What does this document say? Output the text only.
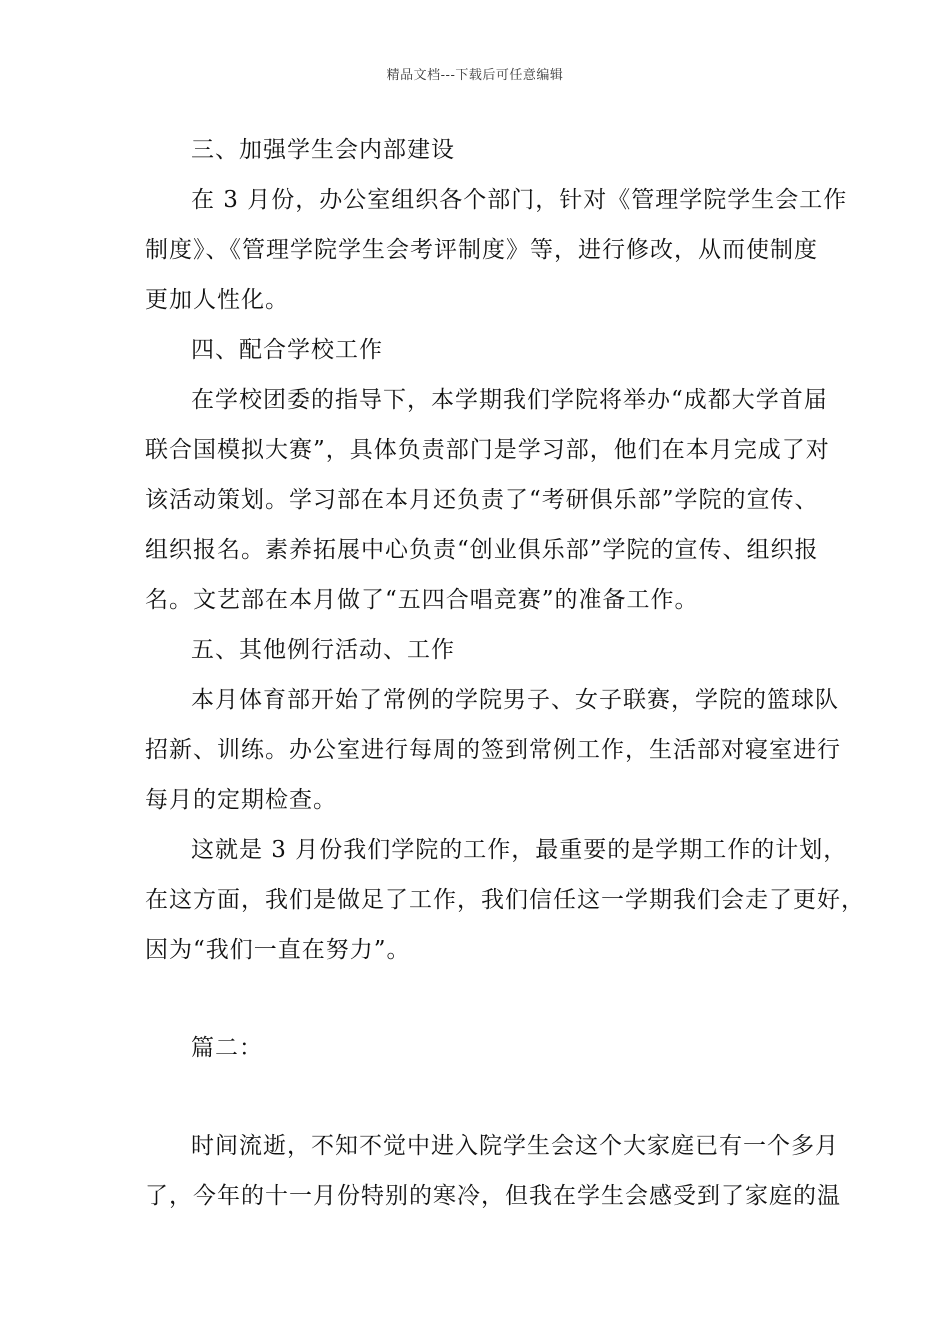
精品文档---下载后可任意编辑
三、加强学生会内部建设
在 3 月份，办公室组织各个部门，针对《管理学院学生会工作
制度》、《管理学院学生会考评制度》等，进行修改，从而使制度
更加人性化。
四、配合学校工作
在学校团委的指导下，本学期我们学院将举办“成都大学首届
联合国模拟大赛”，具体负责部门是学习部，他们在本月完成了对
该活动策划。学习部在本月还负责了“考研俱乐部”学院的宣传、
组织报名。素养拓展中心负责“创业俱乐部”学院的宣传、组织报
名。文艺部在本月做了“五四合唱竞赛”的准备工作。
五、其他例行活动、工作
本月体育部开始了常例的学院男子、女子联赛，学院的篮球队
招新、训练。办公室进行每周的签到常例工作，生活部对寝室进行
每月的定期检查。
这就是 3 月份我们学院的工作，最重要的是学期工作的计划，
在这方面，我们是做足了工作，我们信任这一学期我们会走了更好，
因为“我们一直在努力”。
篇二：
时间流逝，不知不觉中进入院学生会这个大家庭已有一个多月
了，今年的十一月份特别的寒冷，但我在学生会感受到了家庭的温
